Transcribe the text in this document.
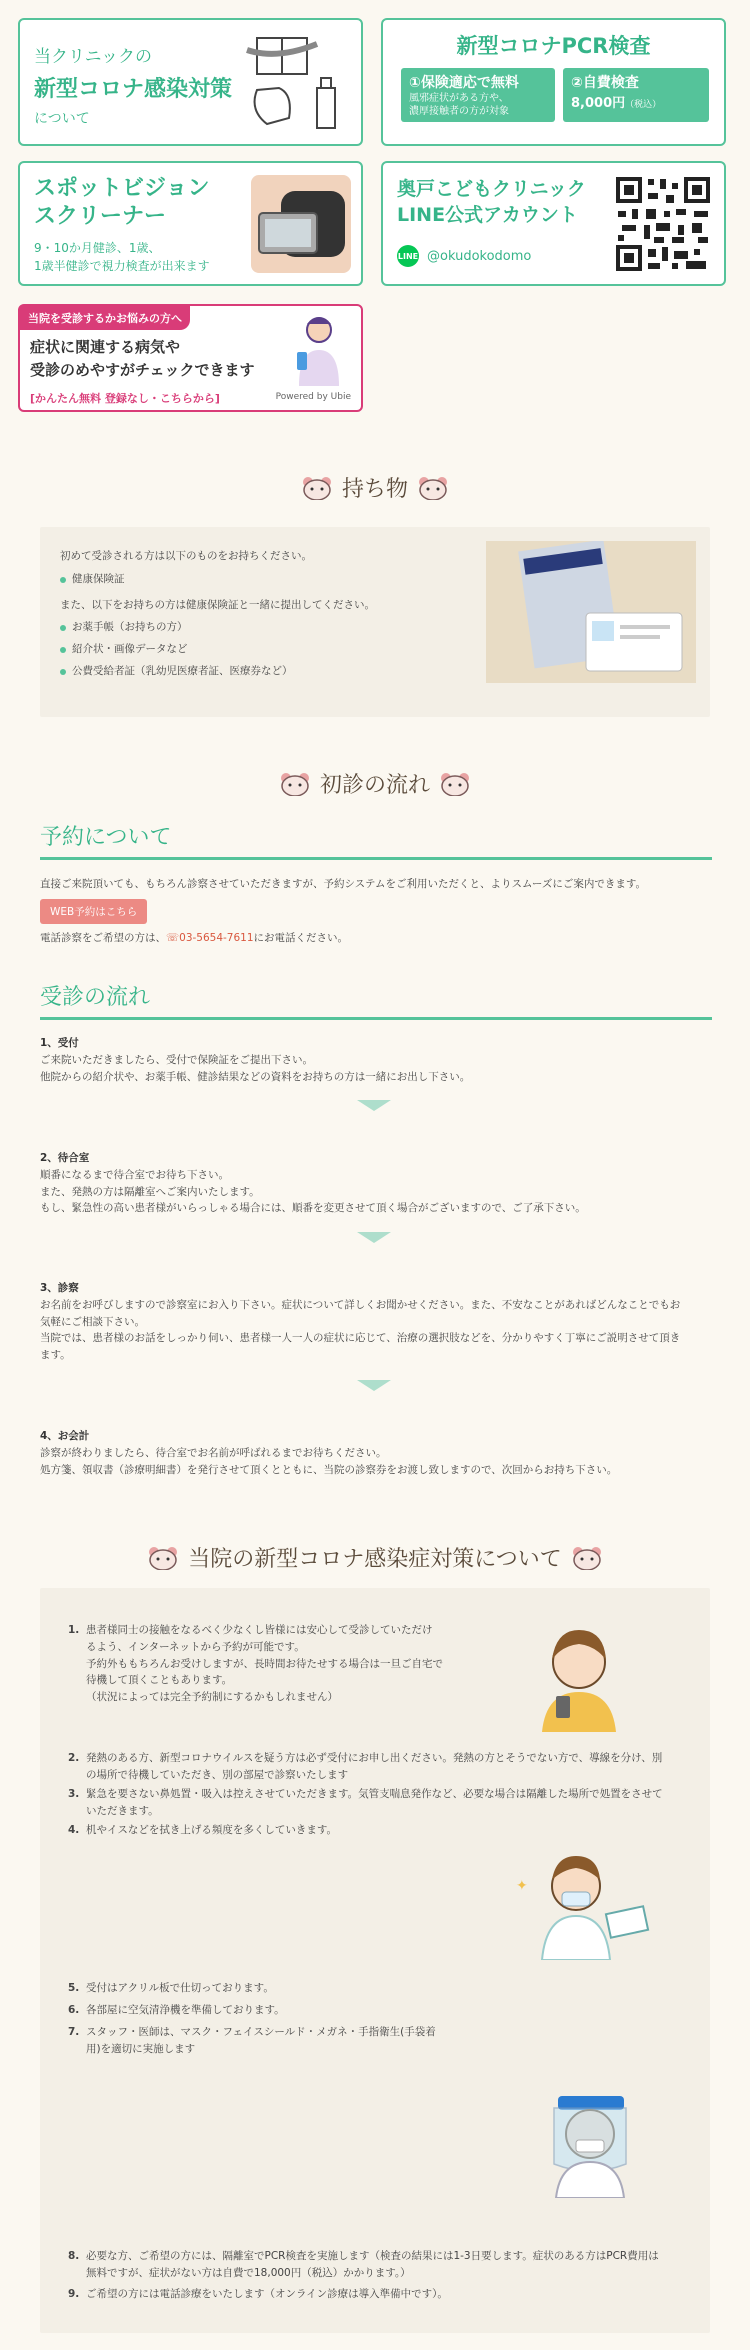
当クリニックの
新型コロナ感染対策
について
新型コロナPCR検査
①保険適応で無料
風邪症状がある方や、
濃厚接触者の方が対象
②自費検査
8,000円（税込）
スポットビジョン
スクリーナー
9・10か月健診、1歳、
1歳半健診で視力検査が出来ます
奥戸こどもクリニック
LINE公式アカウント
LINE @okudokodomo
当院を受診するかお悩みの方へ
症状に関連する病気や
受診のめやすがチェックできます
[かんたん無料 登録なし・こちらから]	Powered by Ubie
持ち物

初めて受診される方は以下のものをお持ちください。

健康保険証

また、以下をお持ちの方は健康保険証と一緒に提出してください。

お薬手帳（お持ちの方）
紹介状・画像データなど
公費受給者証（乳幼児医療者証、医療券など）
初診の流れ
予約について
直接ご来院頂いても、もちろん診察させていただきますが、予約システムをご利用いただくと、よりスムーズにご案内できます。
WEB予約はこちら
電話診察をご希望の方は、☏03-5654-7611にお電話ください。
受診の流れ
1、受付
ご来院いただきましたら、受付で保険証をご提出下さい。
他院からの紹介状や、お薬手帳、健診結果などの資料をお持ちの方は一緒にお出し下さい。
2、待合室
順番になるまで待合室でお待ち下さい。
また、発熱の方は隔離室へご案内いたします。
もし、緊急性の高い患者様がいらっしゃる場合には、順番を変更させて頂く場合がございますので、ご了承下さい。
3、診察
お名前をお呼びしますので診察室にお入り下さい。症状について詳しくお聞かせください。また、不安なことがあればどんなことでもお
気軽にご相談下さい。
当院では、患者様のお話をしっかり伺い、患者様一人一人の症状に応じて、治療の選択肢などを、分かりやすく丁寧にご説明させて頂き
ます。
4、お会計
診察が終わりましたら、待合室でお名前が呼ばれるまでお待ちください。
処方箋、領収書（診療明細書）を発行させて頂くとともに、当院の診察券をお渡し致しますので、次回からお持ち下さい。
当院の新型コロナ感染症対策について
1. 患者様同士の接触をなるべく少なくし皆様には安心して受診していただけ
るよう、インターネットから予約が可能です。
予約外ももちろんお受けしますが、長時間お待たせする場合は一旦ご自宅で
待機して頂くこともあります。
（状況によっては完全予約制にするかもしれません）
2. 発熱のある方、新型コロナウイルスを疑う方は必ず受付にお申し出ください。発熱の方とそうでない方で、導線を分け、別
の場所で待機していただき、別の部屋で診察いたします
3. 緊急を要さない鼻処置・吸入は控えさせていただきます。気管支喘息発作など、必要な場合は隔離した場所で処置をさせて
いただきます。
4. 机やイスなどを拭き上げる頻度を多くしていきます。
✦
5. 受付はアクリル板で仕切っております。
6. 各部屋に空気清浄機を準備しております。
7. スタッフ・医師は、マスク・フェイスシールド・メガネ・手指衛生(手袋着
用)を適切に実施します
8. 必要な方、ご希望の方には、隔離室でPCR検査を実施します（検査の結果には1-3日要します。症状のある方はPCR費用は
無料ですが、症状がない方は自費で18,000円（税込）かかります。）
9. ご希望の方には電話診療をいたします（オンライン診療は導入準備中です）。
